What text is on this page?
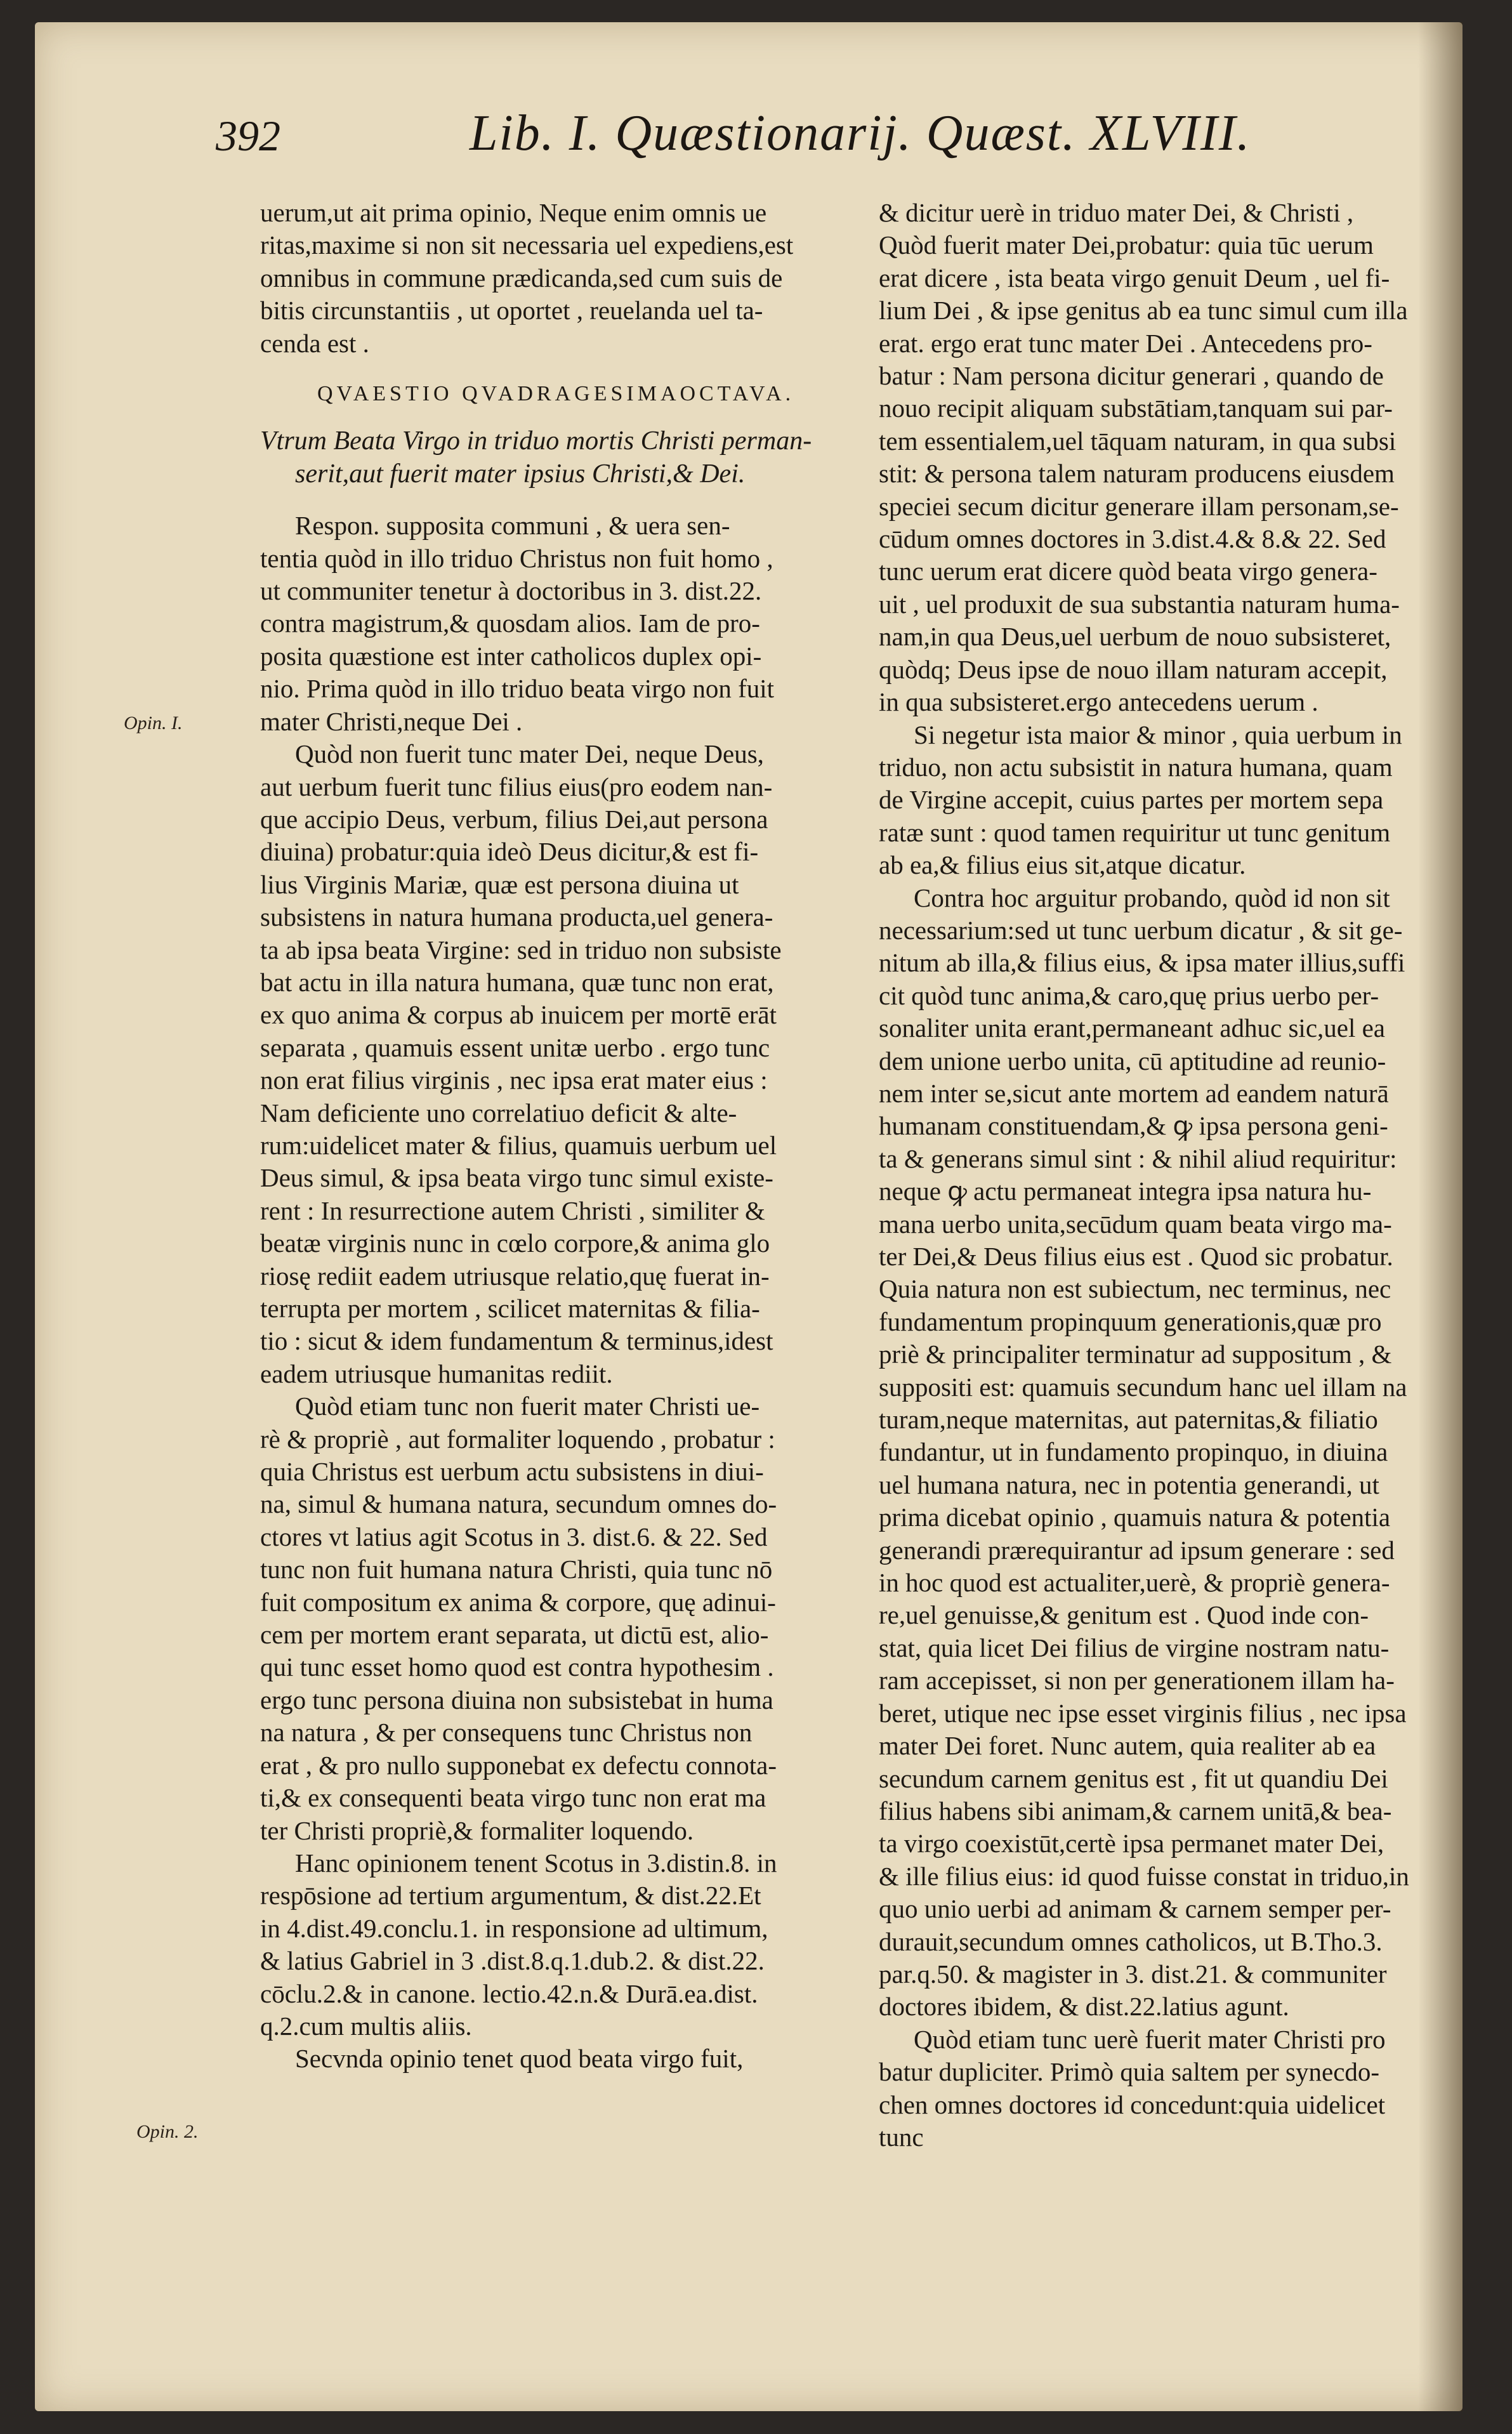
392	Lib. I. Quæstionarij. Quæst. XLVIII.
Opin. I.
Opin. 2.
uerum,ut ait prima opinio, Neque enim omnis ue
ritas,maxime si non sit necessaria uel expediens,est
omnibus in commune prædicanda,sed cum suis de
bitis circunstantiis , ut oportet , reuelanda uel ta-
cenda est .
QVAESTIO QVADRAGESIMAOCTAVA.
Vtrum Beata Virgo in triduo mortis Christi perman-
serit,aut fuerit mater ipsius Christi,& Dei.
Respon. supposita communi , & uera sen-
tentia quòd in illo triduo Christus non fuit homo ,
ut communiter tenetur à doctoribus in 3. dist.22.
contra magistrum,& quosdam alios. Iam de pro-
posita quæstione est inter catholicos duplex opi-
nio. Prima quòd in illo triduo beata virgo non fuit
mater Christi,neque Dei .
Quòd non fuerit tunc mater Dei, neque Deus,
aut uerbum fuerit tunc filius eius(pro eodem nan-
que accipio Deus, verbum, filius Dei,aut persona
diuina) probatur:quia ideò Deus dicitur,& est fi-
lius Virginis Mariæ, quæ est persona diuina ut
subsistens in natura humana producta,uel genera-
ta ab ipsa beata Virgine: sed in triduo non subsiste
bat actu in illa natura humana, quæ tunc non erat,
ex quo anima & corpus ab inuicem per mortē erāt
separata , quamuis essent unitæ uerbo . ergo tunc
non erat filius virginis , nec ipsa erat mater eius :
Nam deficiente uno correlatiuo deficit & alte-
rum:uidelicet mater & filius, quamuis uerbum uel
Deus simul, & ipsa beata virgo tunc simul existe-
rent : In resurrectione autem Christi , similiter &
beatæ virginis nunc in cœlo corpore,& anima glo
riosę rediit eadem utriusque relatio,quę fuerat in-
terrupta per mortem , scilicet maternitas & filia-
tio : sicut & idem fundamentum & terminus,idest
eadem utriusque humanitas rediit.
Quòd etiam tunc non fuerit mater Christi ue-
rè & propriè , aut formaliter loquendo , probatur :
quia Christus est uerbum actu subsistens in diui-
na, simul & humana natura, secundum omnes do-
ctores vt latius agit Scotus in 3. dist.6. & 22. Sed
tunc non fuit humana natura Christi, quia tunc nō
fuit compositum ex anima & corpore, quę adinui-
cem per mortem erant separata, ut dictū est, alio-
qui tunc esset homo quod est contra hypothesim .
ergo tunc persona diuina non subsistebat in huma
na natura , & per consequens tunc Christus non
erat , & pro nullo supponebat ex defectu connota-
ti,& ex consequenti beata virgo tunc non erat ma
ter Christi propriè,& formaliter loquendo.
Hanc opinionem tenent Scotus in 3.distin.8. in
respōsione ad tertium argumentum, & dist.22.Et
in 4.dist.49.conclu.1. in responsione ad ultimum,
& latius Gabriel in 3 .dist.8.q.1.dub.2. & dist.22.
cōclu.2.& in canone. lectio.42.n.& Durā.ea.dist.
q.2.cum multis aliis.
Secvnda opinio tenet quod beata virgo fuit,
& dicitur uerè in triduo mater Dei, & Christi ,
Quòd fuerit mater Dei,probatur: quia tūc uerum
erat dicere , ista beata virgo genuit Deum , uel fi-
lium Dei , & ipse genitus ab ea tunc simul cum illa
erat. ergo erat tunc mater Dei . Antecedens pro-
batur : Nam persona dicitur generari , quando de
nouo recipit aliquam substātiam,tanquam sui par-
tem essentialem,uel tāquam naturam, in qua subsi
stit: & persona talem naturam producens eiusdem
speciei secum dicitur generare illam personam,se-
cūdum omnes doctores in 3.dist.4.& 8.& 22. Sed
tunc uerum erat dicere quòd beata virgo genera-
uit , uel produxit de sua substantia naturam huma-
nam,in qua Deus,uel uerbum de nouo subsisteret,
quòdq; Deus ipse de nouo illam naturam accepit,
in qua subsisteret.ergo antecedens uerum .
Si negetur ista maior & minor , quia uerbum in
triduo, non actu subsistit in natura humana, quam
de Virgine accepit, cuius partes per mortem sepa
ratæ sunt : quod tamen requiritur ut tunc genitum
ab ea,& filius eius sit,atque dicatur.
Contra hoc arguitur probando, quòd id non sit
necessarium:sed ut tunc uerbum dicatur , & sit ge-
nitum ab illa,& filius eius, & ipsa mater illius,suffi
cit quòd tunc anima,& caro,quę prius uerbo per-
sonaliter unita erant,permaneant adhuc sic,uel ea
dem unione uerbo unita, cū aptitudine ad reunio-
nem inter se,sicut ante mortem ad eandem naturā
humanam constituendam,& ꝙ ipsa persona geni-
ta & generans simul sint : & nihil aliud requiritur:
neque ꝙ actu permaneat integra ipsa natura hu-
mana uerbo unita,secūdum quam beata virgo ma-
ter Dei,& Deus filius eius est . Quod sic probatur.
Quia natura non est subiectum, nec terminus, nec
fundamentum propinquum generationis,quæ pro
priè & principaliter terminatur ad suppositum , &
suppositi est: quamuis secundum hanc uel illam na
turam,neque maternitas, aut paternitas,& filiatio
fundantur, ut in fundamento propinquo, in diuina
uel humana natura, nec in potentia generandi, ut
prima dicebat opinio , quamuis natura & potentia
generandi prærequirantur ad ipsum generare : sed
in hoc quod est actualiter,uerè, & propriè genera-
re,uel genuisse,& genitum est . Quod inde con-
stat, quia licet Dei filius de virgine nostram natu-
ram accepisset, si non per generationem illam ha-
beret, utique nec ipse esset virginis filius , nec ipsa
mater Dei foret. Nunc autem, quia realiter ab ea
secundum carnem genitus est , fit ut quandiu Dei
filius habens sibi animam,& carnem unitā,& bea-
ta virgo coexistūt,certè ipsa permanet mater Dei,
& ille filius eius: id quod fuisse constat in triduo,in
quo unio uerbi ad animam & carnem semper per-
durauit,secundum omnes catholicos, ut B.Tho.3.
par.q.50. & magister in 3. dist.21. & communiter
doctores ibidem, & dist.22.latius agunt.
Quòd etiam tunc uerè fuerit mater Christi pro
batur dupliciter. Primò quia saltem per synecdo-
chen omnes doctores id concedunt:quia uidelicet
tunc
